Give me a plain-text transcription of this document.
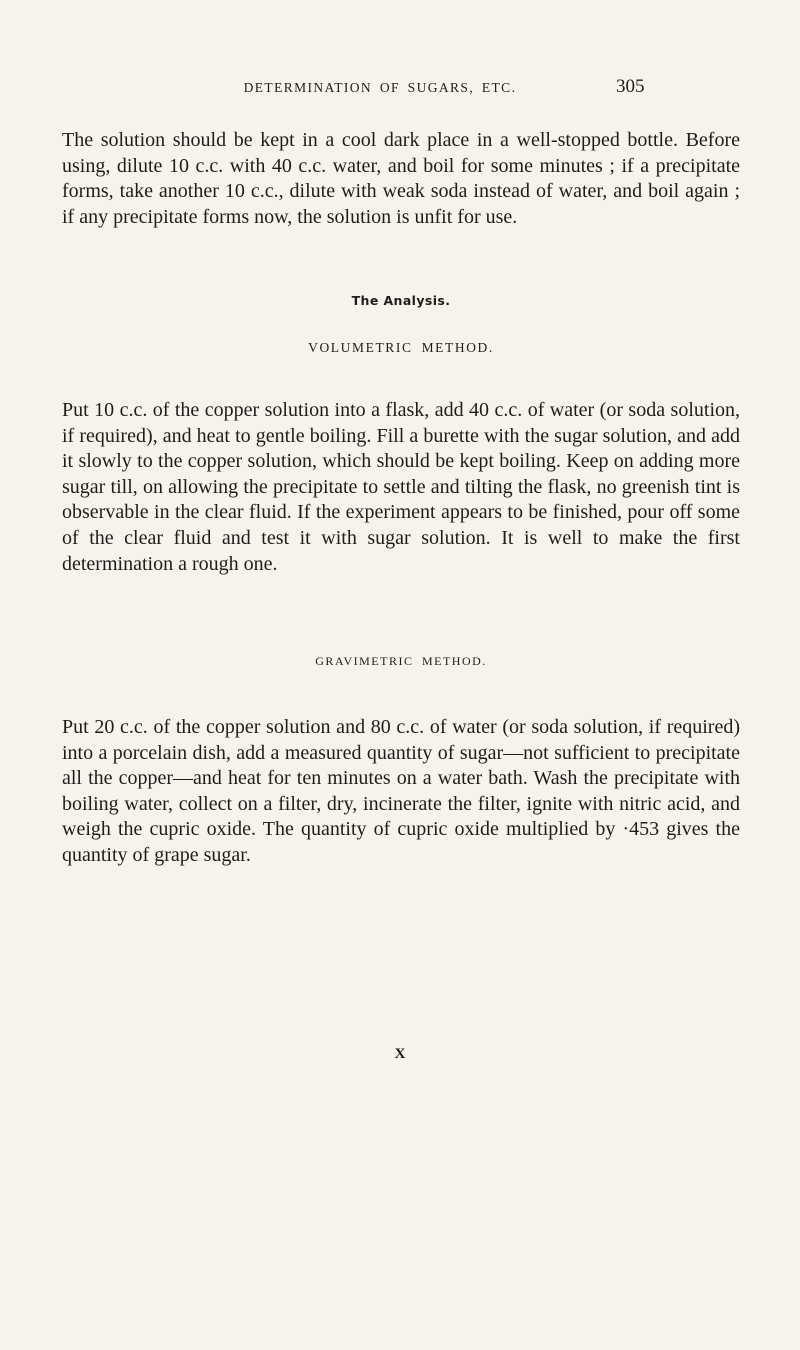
DETERMINATION OF SUGARS, ETC.	305

The solution should be kept in a cool dark place in a well-stopped bottle. Before using, dilute 10 c.c. with 40 c.c. water, and boil for some minutes ; if a precipitate forms, take another 10 c.c., dilute with weak soda instead of water, and boil again ; if any precipitate forms now, the solution is unfit for use.

The Analysis.

VOLUMETRIC METHOD.

Put 10 c.c. of the copper solution into a flask, add 40 c.c. of water (or soda solution, if required), and heat to gentle boiling. Fill a burette with the sugar solution, and add it slowly to the copper solution, which should be kept boiling. Keep on adding more sugar till, on allowing the precipitate to settle and tilting the flask, no greenish tint is observable in the clear fluid. If the experiment appears to be finished, pour off some of the clear fluid and test it with sugar solution. It is well to make the first determination a rough one.

GRAVIMETRIC METHOD.

Put 20 c.c. of the copper solution and 80 c.c. of water (or soda solution, if required) into a porcelain dish, add a measured quantity of sugar—not sufficient to precipitate all the copper—and heat for ten minutes on a water bath. Wash the precipitate with boiling water, collect on a filter, dry, incinerate the filter, ignite with nitric acid, and weigh the cupric oxide. The quantity of cupric oxide multiplied by ·453 gives the quantity of grape sugar.

X
